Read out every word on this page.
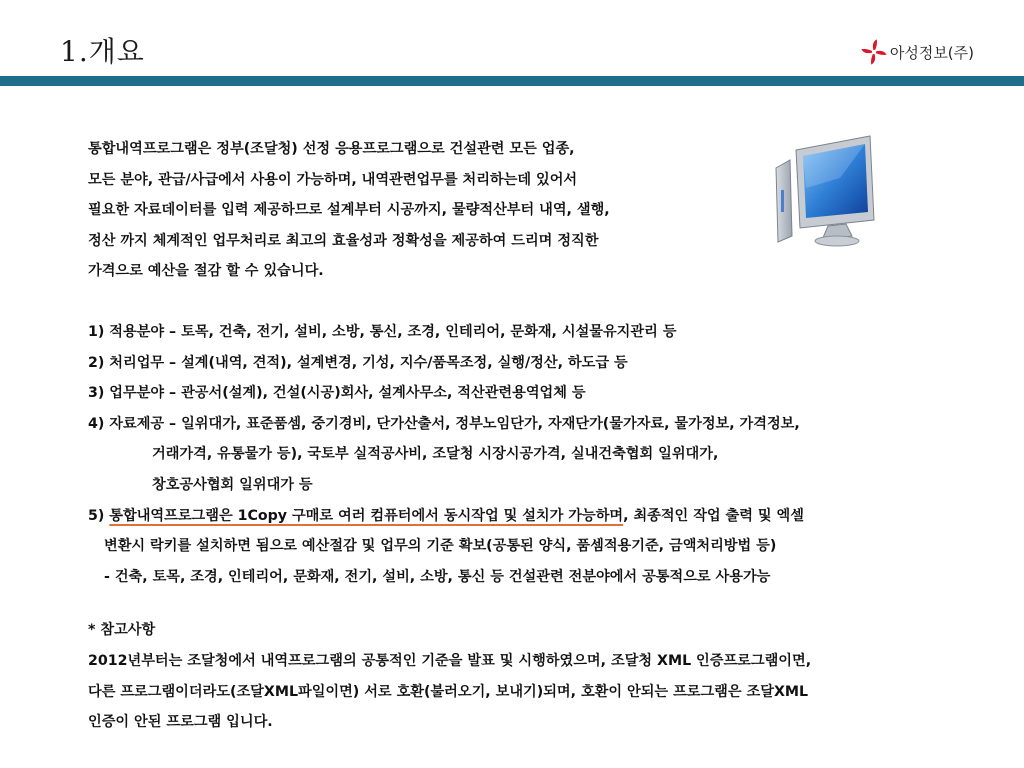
1.개요	아성정보(주)

통합내역프로그램은 정부(조달청) 선정 응용프로그램으로 건설관련 모든 업종,

모든 분야, 관급/사급에서 사용이 가능하며, 내역관련업무를 처리하는데 있어서

필요한 자료데이터를 입력 제공하므로 설계부터 시공까지, 물량적산부터 내역, 샐행,

정산 까지 체계적인 업무처리로 최고의 효율성과 정확성을 제공하여 드리며 정직한

가격으로 예산을 절감 할 수 있습니다.

1) 적용분야 – 토목, 건축, 전기, 설비, 소방, 통신, 조경, 인테리어, 문화재, 시설물유지관리 등
2) 처리업무 – 설계(내역, 견적), 설계변경, 기성, 지수/품목조정, 실행/정산, 하도급 등
3) 업무분야 – 관공서(설계), 건설(시공)회사, 설계사무소, 적산관련용역업체 등
4) 자료제공 – 일위대가, 표준품셈, 중기경비, 단가산출서, 정부노임단가, 자재단가(물가자료, 물가정보, 가격정보,
거래가격, 유통물가 등), 국토부 실적공사비, 조달청 시장시공가격, 실내건축협회 일위대가,
창호공사협회 일위대가 등
5) 통합내역프로그램은 1Copy 구매로 여러 컴퓨터에서 동시작업 및 설치가 가능하며, 최종적인 작업 출력 및 엑셀
변환시 락키를 설치하면 됨으로 예산절감 및 업무의 기준 확보(공통된 양식, 품셈적용기준, 금액처리방법 등)
- 건축, 토목, 조경, 인테리어, 문화재, 전기, 설비, 소방, 통신 등 건설관련 전분야에서 공통적으로 사용가능

* 참고사항

2012년부터는 조달청에서 내역프로그램의 공통적인 기준을 발표 및 시행하였으며, 조달청 XML 인증프로그램이면,

다른 프로그램이더라도(조달XML파일이면) 서로 호환(불러오기, 보내기)되며, 호환이 안되는 프로그램은 조달XML

인증이 안된 프로그램 입니다.
